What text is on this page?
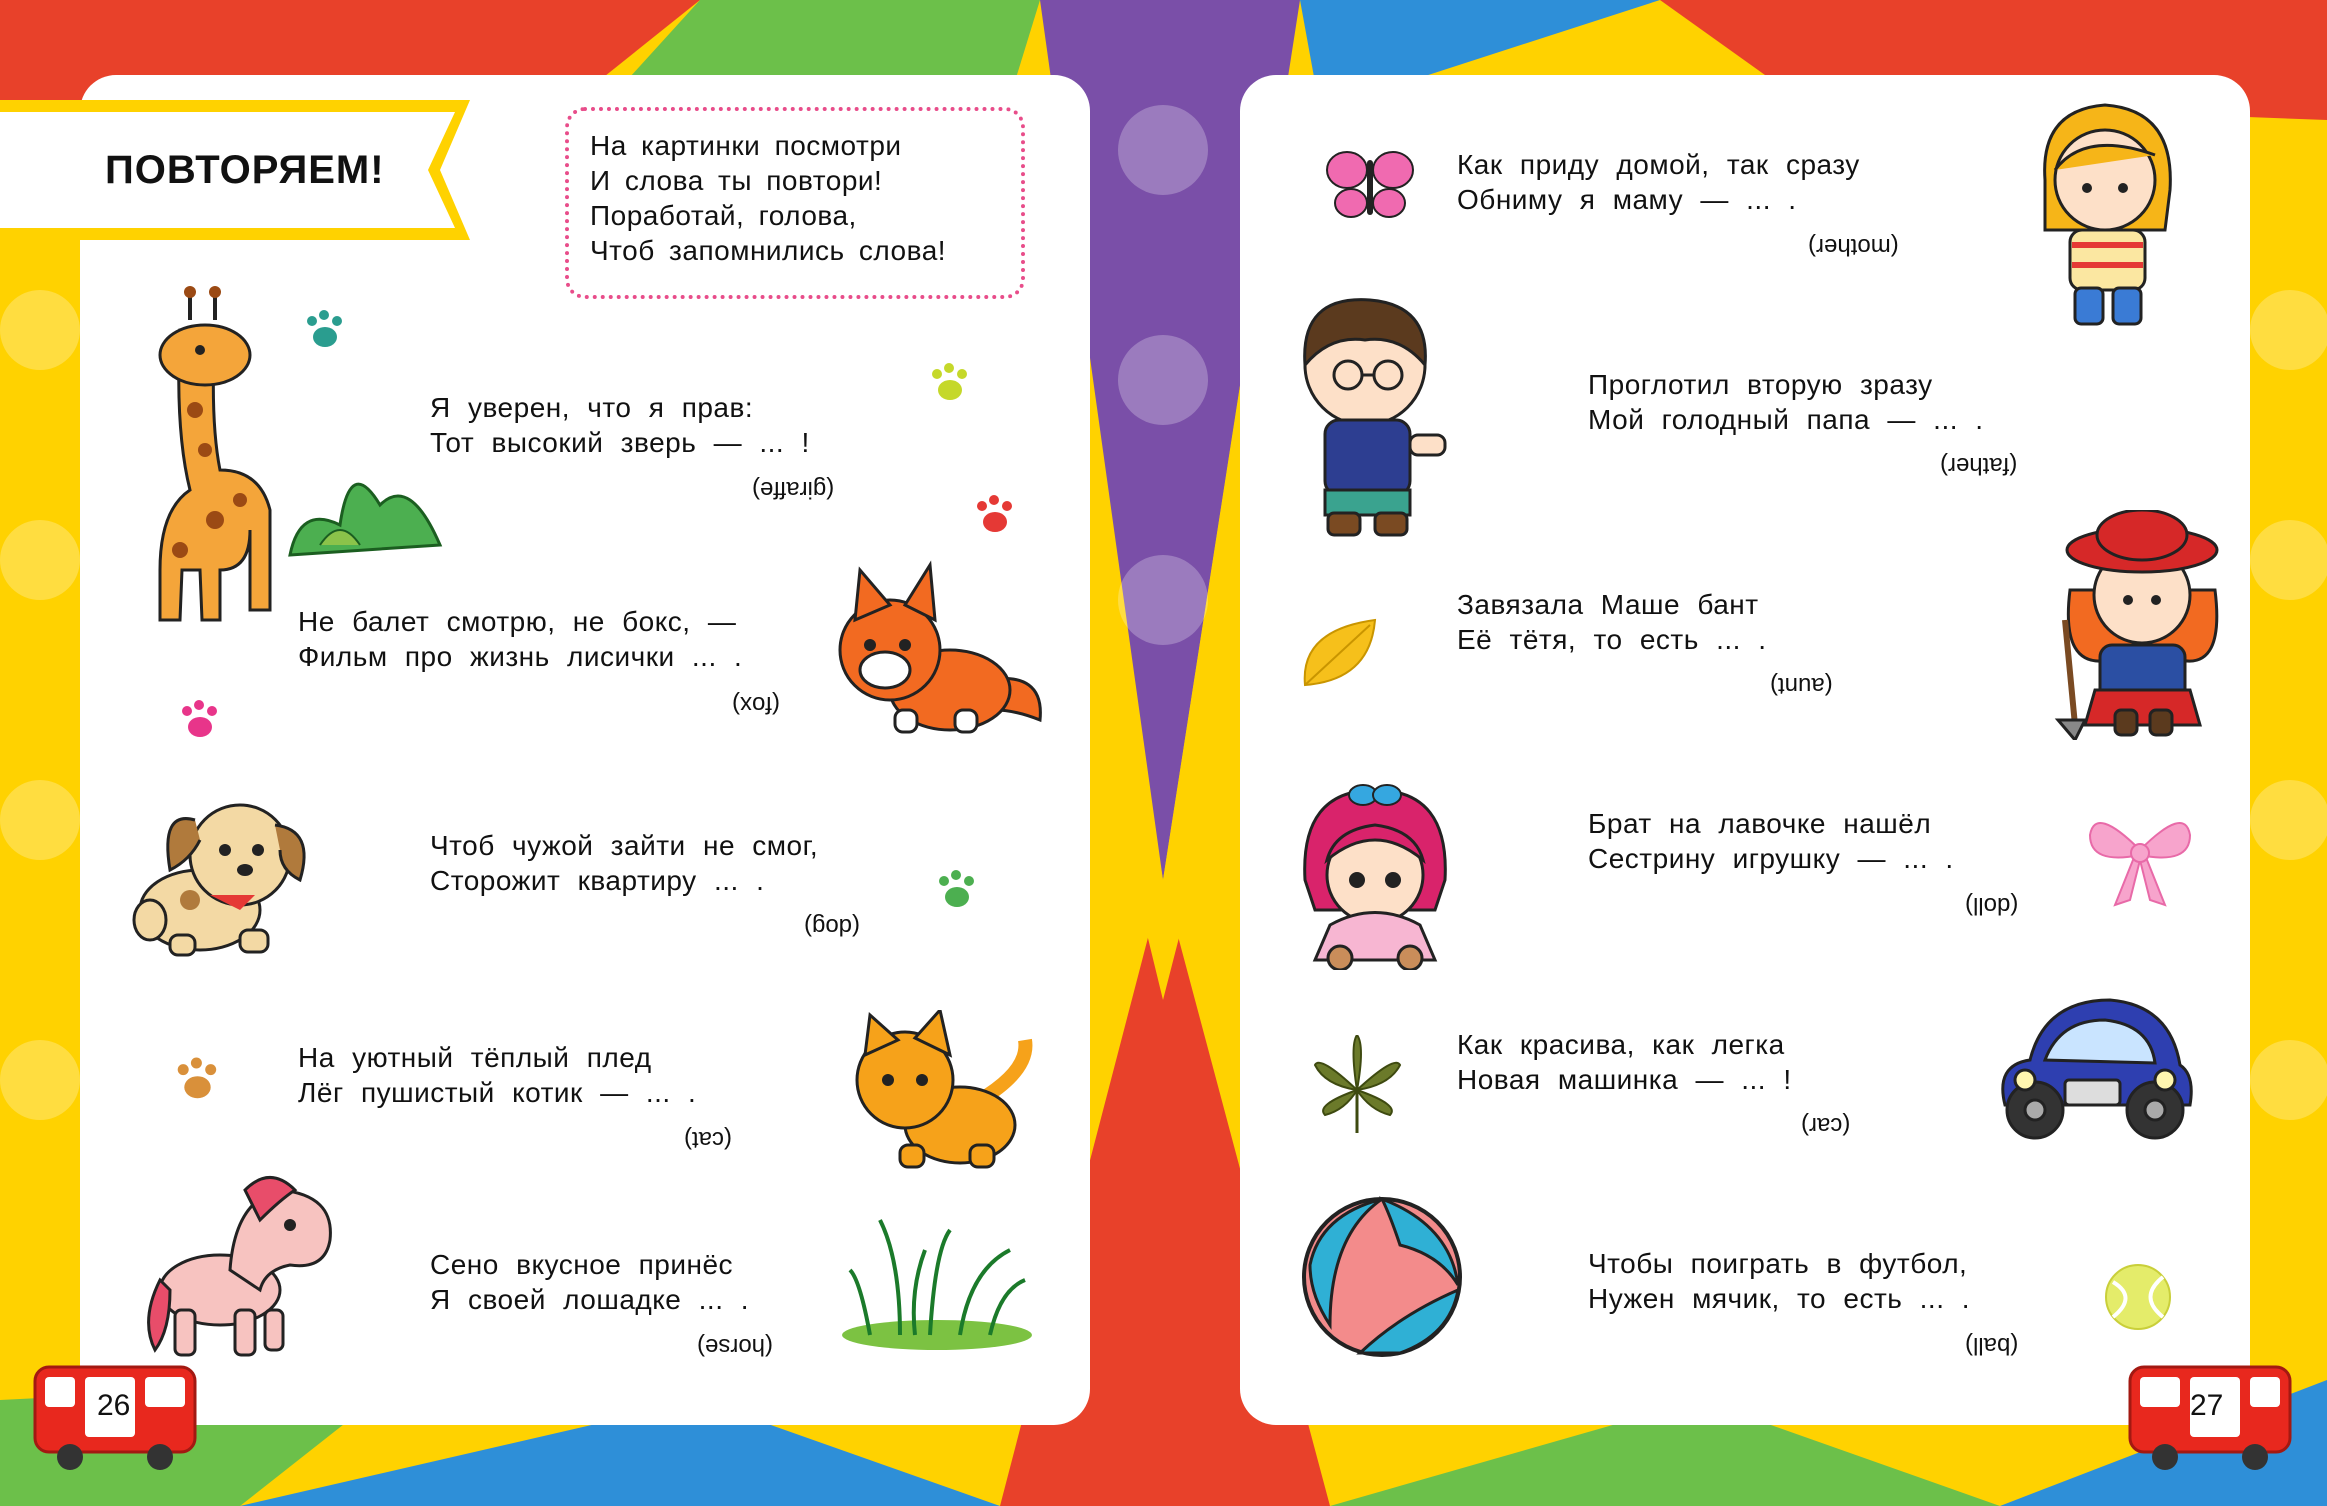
ПОВТОРЯЕМ!
На картинки посмотри
И слова ты повтори!
Поработай, голова,
Чтоб запомнились слова!
Я уверен, что я прав:
Тот высокий зверь — ... !
(giraffe)
Не балет смотрю, не бокс, —
Фильм про жизнь лисички ... .
(fox)
Чтоб чужой зайти не смог,
Сторожит квартиру ... .
(dog)
На уютный тёплый плед
Лёг пушистый котик — ... .
(cat)
Сено вкусное принёс
Я своей лошадке ... .
(horse)
Как приду домой, так сразу
Обниму я маму — ... .
(mother)
Проглотил вторую зразу
Мой голодный папа — ... .
(father)
Завязала Маше бант
Её тётя, то есть ... .
(aunt)
Брат на лавочке нашёл
Сестрину игрушку — ... .
(doll)
Как красива, как легка
Новая машинка — ... !
(car)
Чтобы поиграть в футбол,
Нужен мячик, то есть ... .
(ball)
26	27
